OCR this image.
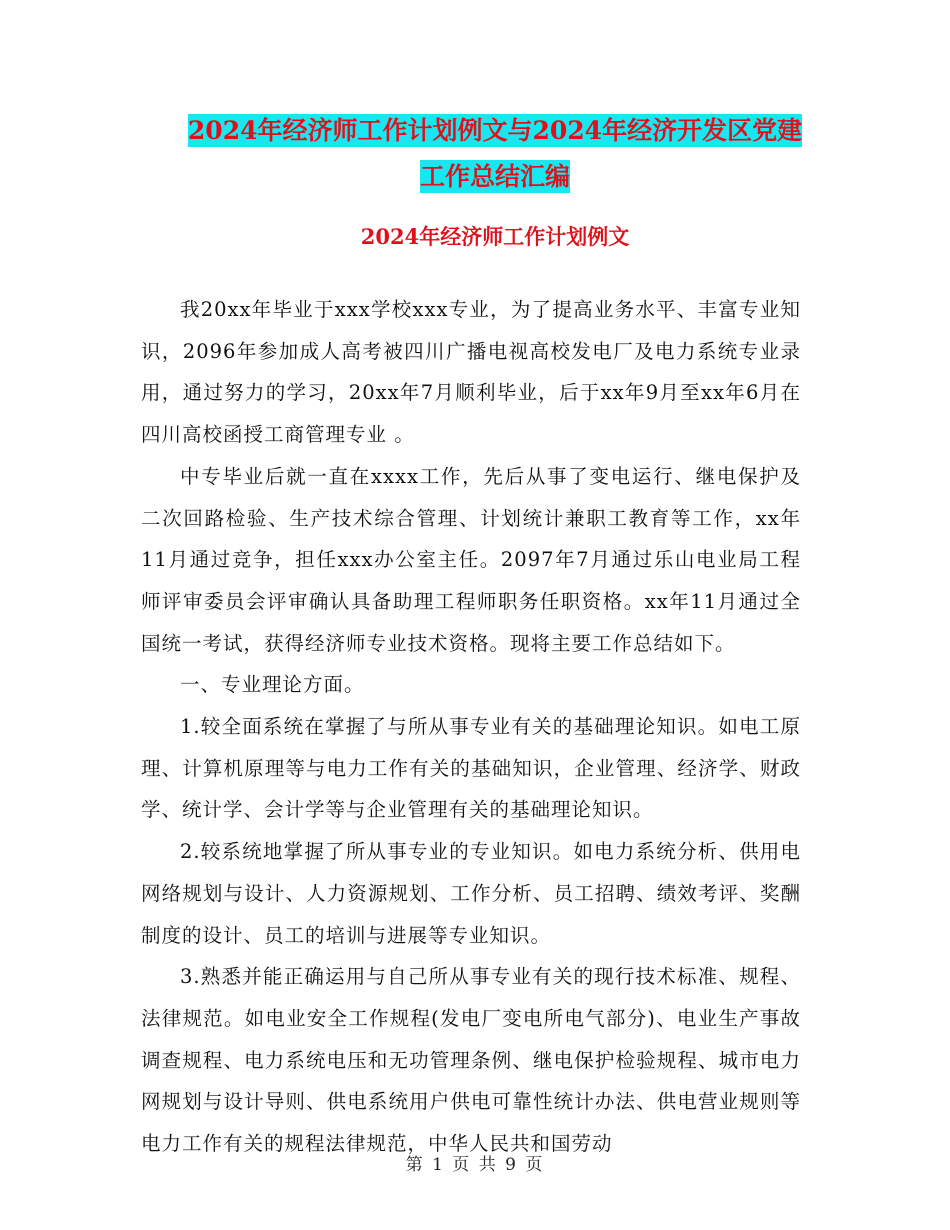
2024年经济师工作计划例文与2024年经济开发区党建
工作总结汇编
2024年经济师工作计划例文

我20xx年毕业于xxx学校xxx专业，为了提高业务水平、丰富专业知识，2096年参加成人高考被四川广播电视高校发电厂及电力系统专业录用，通过努力的学习，20xx年7月顺利毕业，后于xx年9月至xx年6月在四川高校函授工商管理专业 。

中专毕业后就一直在xxxx工作，先后从事了变电运行、继电保护及二次回路检验、生产技术综合管理、计划统计兼职工教育等工作，xx年11月通过竞争，担任xxx办公室主任。2097年7月通过乐山电业局工程师评审委员会评审确认具备助理工程师职务任职资格。xx年11月通过全国统一考试，获得经济师专业技术资格。现将主要工作总结如下。

一、专业理论方面。

1.较全面系统在掌握了与所从事专业有关的基础理论知识。如电工原理、计算机原理等与电力工作有关的基础知识，企业管理、经济学、财政学、统计学、会计学等与企业管理有关的基础理论知识。

2.较系统地掌握了所从事专业的专业知识。如电力系统分析、供用电网络规划与设计、人力资源规划、工作分析、员工招聘、绩效考评、奖酬制度的设计、员工的培训与进展等专业知识。

3.熟悉并能正确运用与自己所从事专业有关的现行技术标准、规程、法律规范。如电业安全工作规程(发电厂变电所电气部分)、电业生产事故调查规程、电力系统电压和无功管理条例、继电保护检验规程、城市电力网规划与设计导则、供电系统用户供电可靠性统计办法、供电营业规则等电力工作有关的规程法律规范，中华人民共和国劳动

第 1 页 共 9 页
